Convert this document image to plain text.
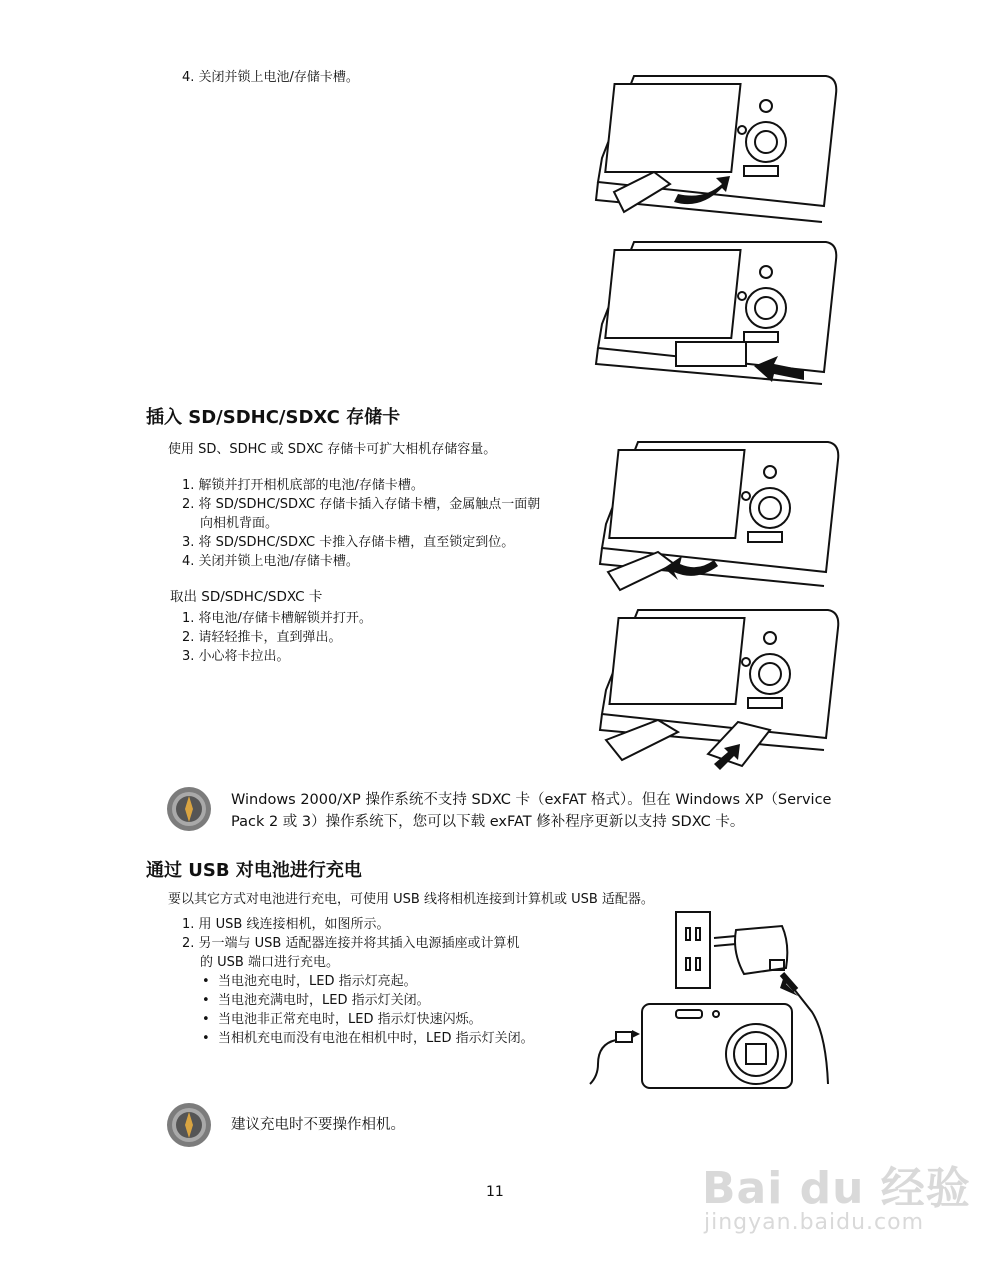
4. 关闭并锁上电池/存储卡槽。
插入 SD/SDHC/SDXC 存储卡
使用 SD、SDHC 或 SDXC 存储卡可扩大相机存储容量。
1. 解锁并打开相机底部的电池/存储卡槽。
2. 将 SD/SDHC/SDXC 存储卡插入存储卡槽，金属触点一面朝
向相机背面。
3. 将 SD/SDHC/SDXC 卡推入存储卡槽，直至锁定到位。
4. 关闭并锁上电池/存储卡槽。
取出 SD/SDHC/SDXC 卡
1. 将电池/存储卡槽解锁并打开。
2. 请轻轻推卡，直到弹出。
3. 小心将卡拉出。
Windows 2000/XP 操作系统不支持 SDXC 卡（exFAT 格式）。但在 Windows XP（Service
Pack 2 或 3）操作系统下，您可以下载 exFAT 修补程序更新以支持 SDXC 卡。
通过 USB 对电池进行充电
要以其它方式对电池进行充电，可使用 USB 线将相机连接到计算机或 USB 适配器。
1. 用 USB 线连接相机，如图所示。
2. 另一端与 USB 适配器连接并将其插入电源插座或计算机
的 USB 端口进行充电。
• 当电池充电时，LED 指示灯亮起。
• 当电池充满电时，LED 指示灯关闭。
• 当电池非正常充电时，LED 指示灯快速闪烁。
• 当相机充电而没有电池在相机中时，LED 指示灯关闭。
建议充电时不要操作相机。
11	Bai du 经验
jingyan.baidu.com
